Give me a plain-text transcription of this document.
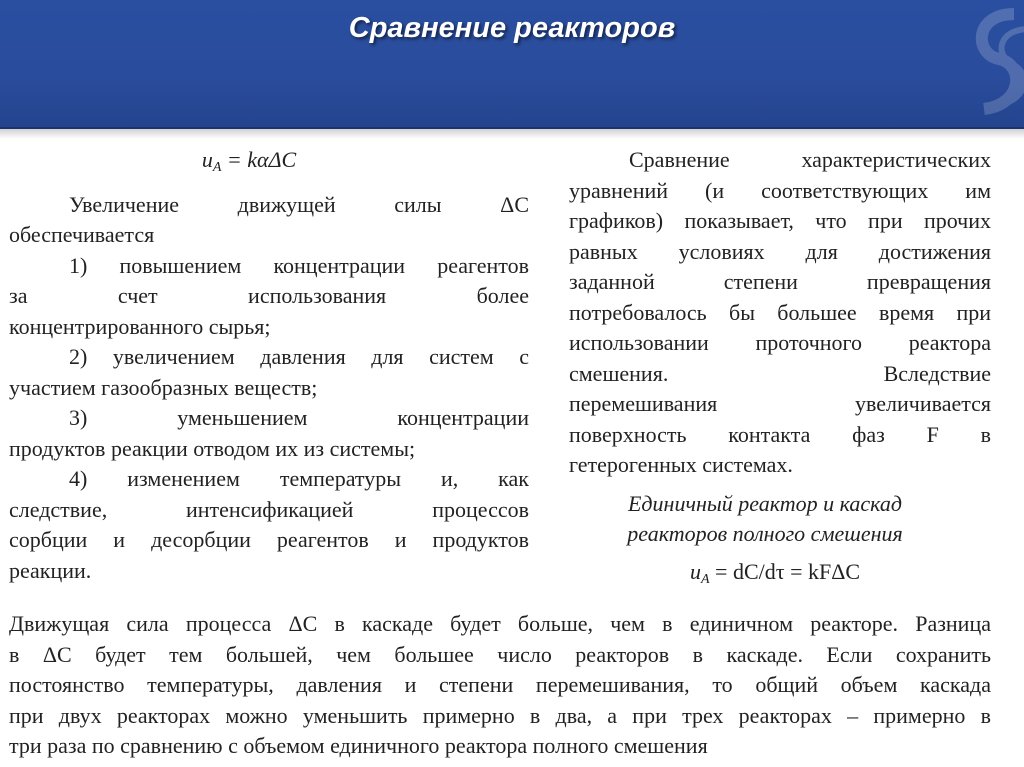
Сравнение реакторов
$u_A = k\alpha\Delta C$
Увеличение движущей силы ΔC
обеспечивается
1) повышением концентрации реагентов
за счет использования более
концентрированного сырья;
2) увеличением давления для систем с
участием газообразных веществ;
3) уменьшением концентрации
продуктов реакции отводом их из системы;
4) изменением температуры и, как
следствие, интенсификацией процессов
сорбции и десорбции реагентов и продуктов
реакции.
Сравнение характеристических
уравнений (и соответствующих им
графиков) показывает, что при прочих
равных условиях для достижения
заданной степени превращения
потребовалось бы большее время при
использовании проточного реактора
смешения. Вследствие
перемешивания увеличивается
поверхность контакта фаз F в
гетерогенных системах.
Единичный реактор и каскад
реакторов полного смешения
$u_A = dC/d\tau = kF\Delta C$
Движущая сила процесса ΔC в каскаде будет больше, чем в единичном реакторе. Разница
в ΔC будет тем большей, чем большее число реакторов в каскаде. Если сохранить
постоянство температуры, давления и степени перемешивания, то общий объем каскада
при двух реакторах можно уменьшить примерно в два, а при трех реакторах – примерно в
три раза по сравнению с объемом единичного реактора полного смешения
